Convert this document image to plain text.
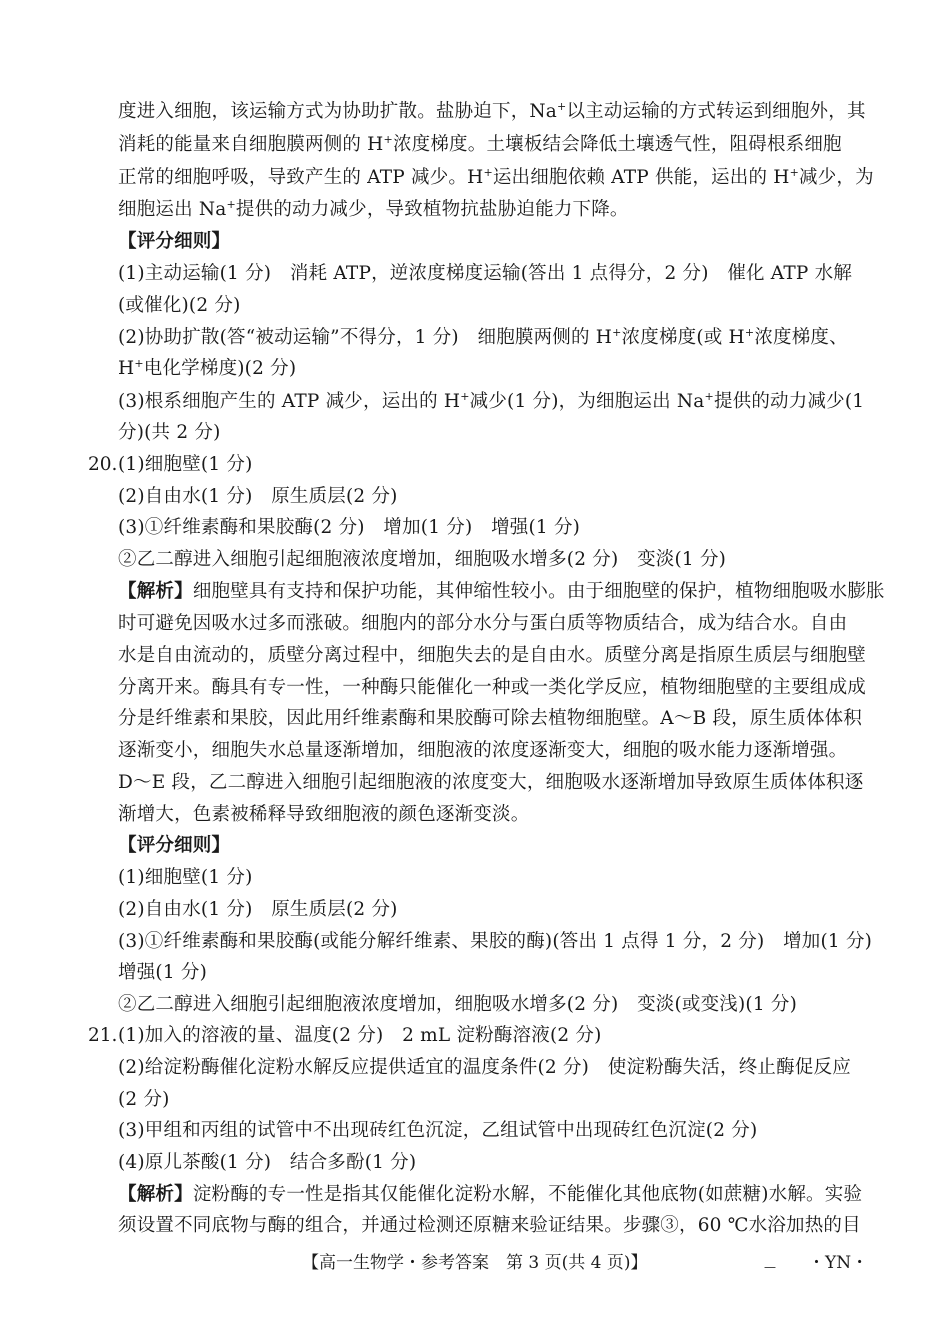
度进入细胞，该运输方式为协助扩散。盐胁迫下，Na+以主动运输的方式转运到细胞外，其
消耗的能量来自细胞膜两侧的 H+浓度梯度。土壤板结会降低土壤透气性，阻碍根系细胞
正常的细胞呼吸，导致产生的 ATP 减少。H+运出细胞依赖 ATP 供能，运出的 H+减少，为
细胞运出 Na+提供的动力减少，导致植物抗盐胁迫能力下降。
【评分细则】
(1)主动运输(1 分)　消耗 ATP，逆浓度梯度运输(答出 1 点得分，2 分)　催化 ATP 水解
(或催化)(2 分)
(2)协助扩散(答“被动运输”不得分，1 分)　细胞膜两侧的 H+浓度梯度(或 H+浓度梯度、
H+电化学梯度)(2 分)
(3)根系细胞产生的 ATP 减少，运出的 H+减少(1 分)，为细胞运出 Na+提供的动力减少(1
分)(共 2 分)
20. (1)细胞壁(1 分)
(2)自由水(1 分)　原生质层(2 分)
(3)①纤维素酶和果胶酶(2 分)　增加(1 分)　增强(1 分)
②乙二醇进入细胞引起细胞液浓度增加，细胞吸水增多(2 分)　变淡(1 分)
【解析】细胞壁具有支持和保护功能，其伸缩性较小。由于细胞壁的保护，植物细胞吸水膨胀
时可避免因吸水过多而涨破。细胞内的部分水分与蛋白质等物质结合，成为结合水。自由
水是自由流动的，质壁分离过程中，细胞失去的是自由水。质壁分离是指原生质层与细胞壁
分离开来。酶具有专一性，一种酶只能催化一种或一类化学反应，植物细胞壁的主要组成成
分是纤维素和果胶，因此用纤维素酶和果胶酶可除去植物细胞壁。A～B 段，原生质体体积
逐渐变小，细胞失水总量逐渐增加，细胞液的浓度逐渐变大，细胞的吸水能力逐渐增强。
D～E 段，乙二醇进入细胞引起细胞液的浓度变大，细胞吸水逐渐增加导致原生质体体积逐
渐增大，色素被稀释导致细胞液的颜色逐渐变淡。
【评分细则】
(1)细胞壁(1 分)
(2)自由水(1 分)　原生质层(2 分)
(3)①纤维素酶和果胶酶(或能分解纤维素、果胶的酶)(答出 1 点得 1 分，2 分)　增加(1 分)
增强(1 分)
②乙二醇进入细胞引起细胞液浓度增加，细胞吸水增多(2 分)　变淡(或变浅)(1 分)
21. (1)加入的溶液的量、温度(2 分)　2 mL 淀粉酶溶液(2 分)
(2)给淀粉酶催化淀粉水解反应提供适宜的温度条件(2 分)　使淀粉酶失活，终止酶促反应
(2 分)
(3)甲组和丙组的试管中不出现砖红色沉淀，乙组试管中出现砖红色沉淀(2 分)
(4)原儿茶酸(1 分)　结合多酚(1 分)
【解析】淀粉酶的专一性是指其仅能催化淀粉水解，不能催化其他底物(如蔗糖)水解。实验
须设置不同底物与酶的组合，并通过检测还原糖来验证结果。步骤③，60 ℃水浴加热的目
【高一生物学・参考答案　第 3 页(共 4 页)】	— ・YN・
